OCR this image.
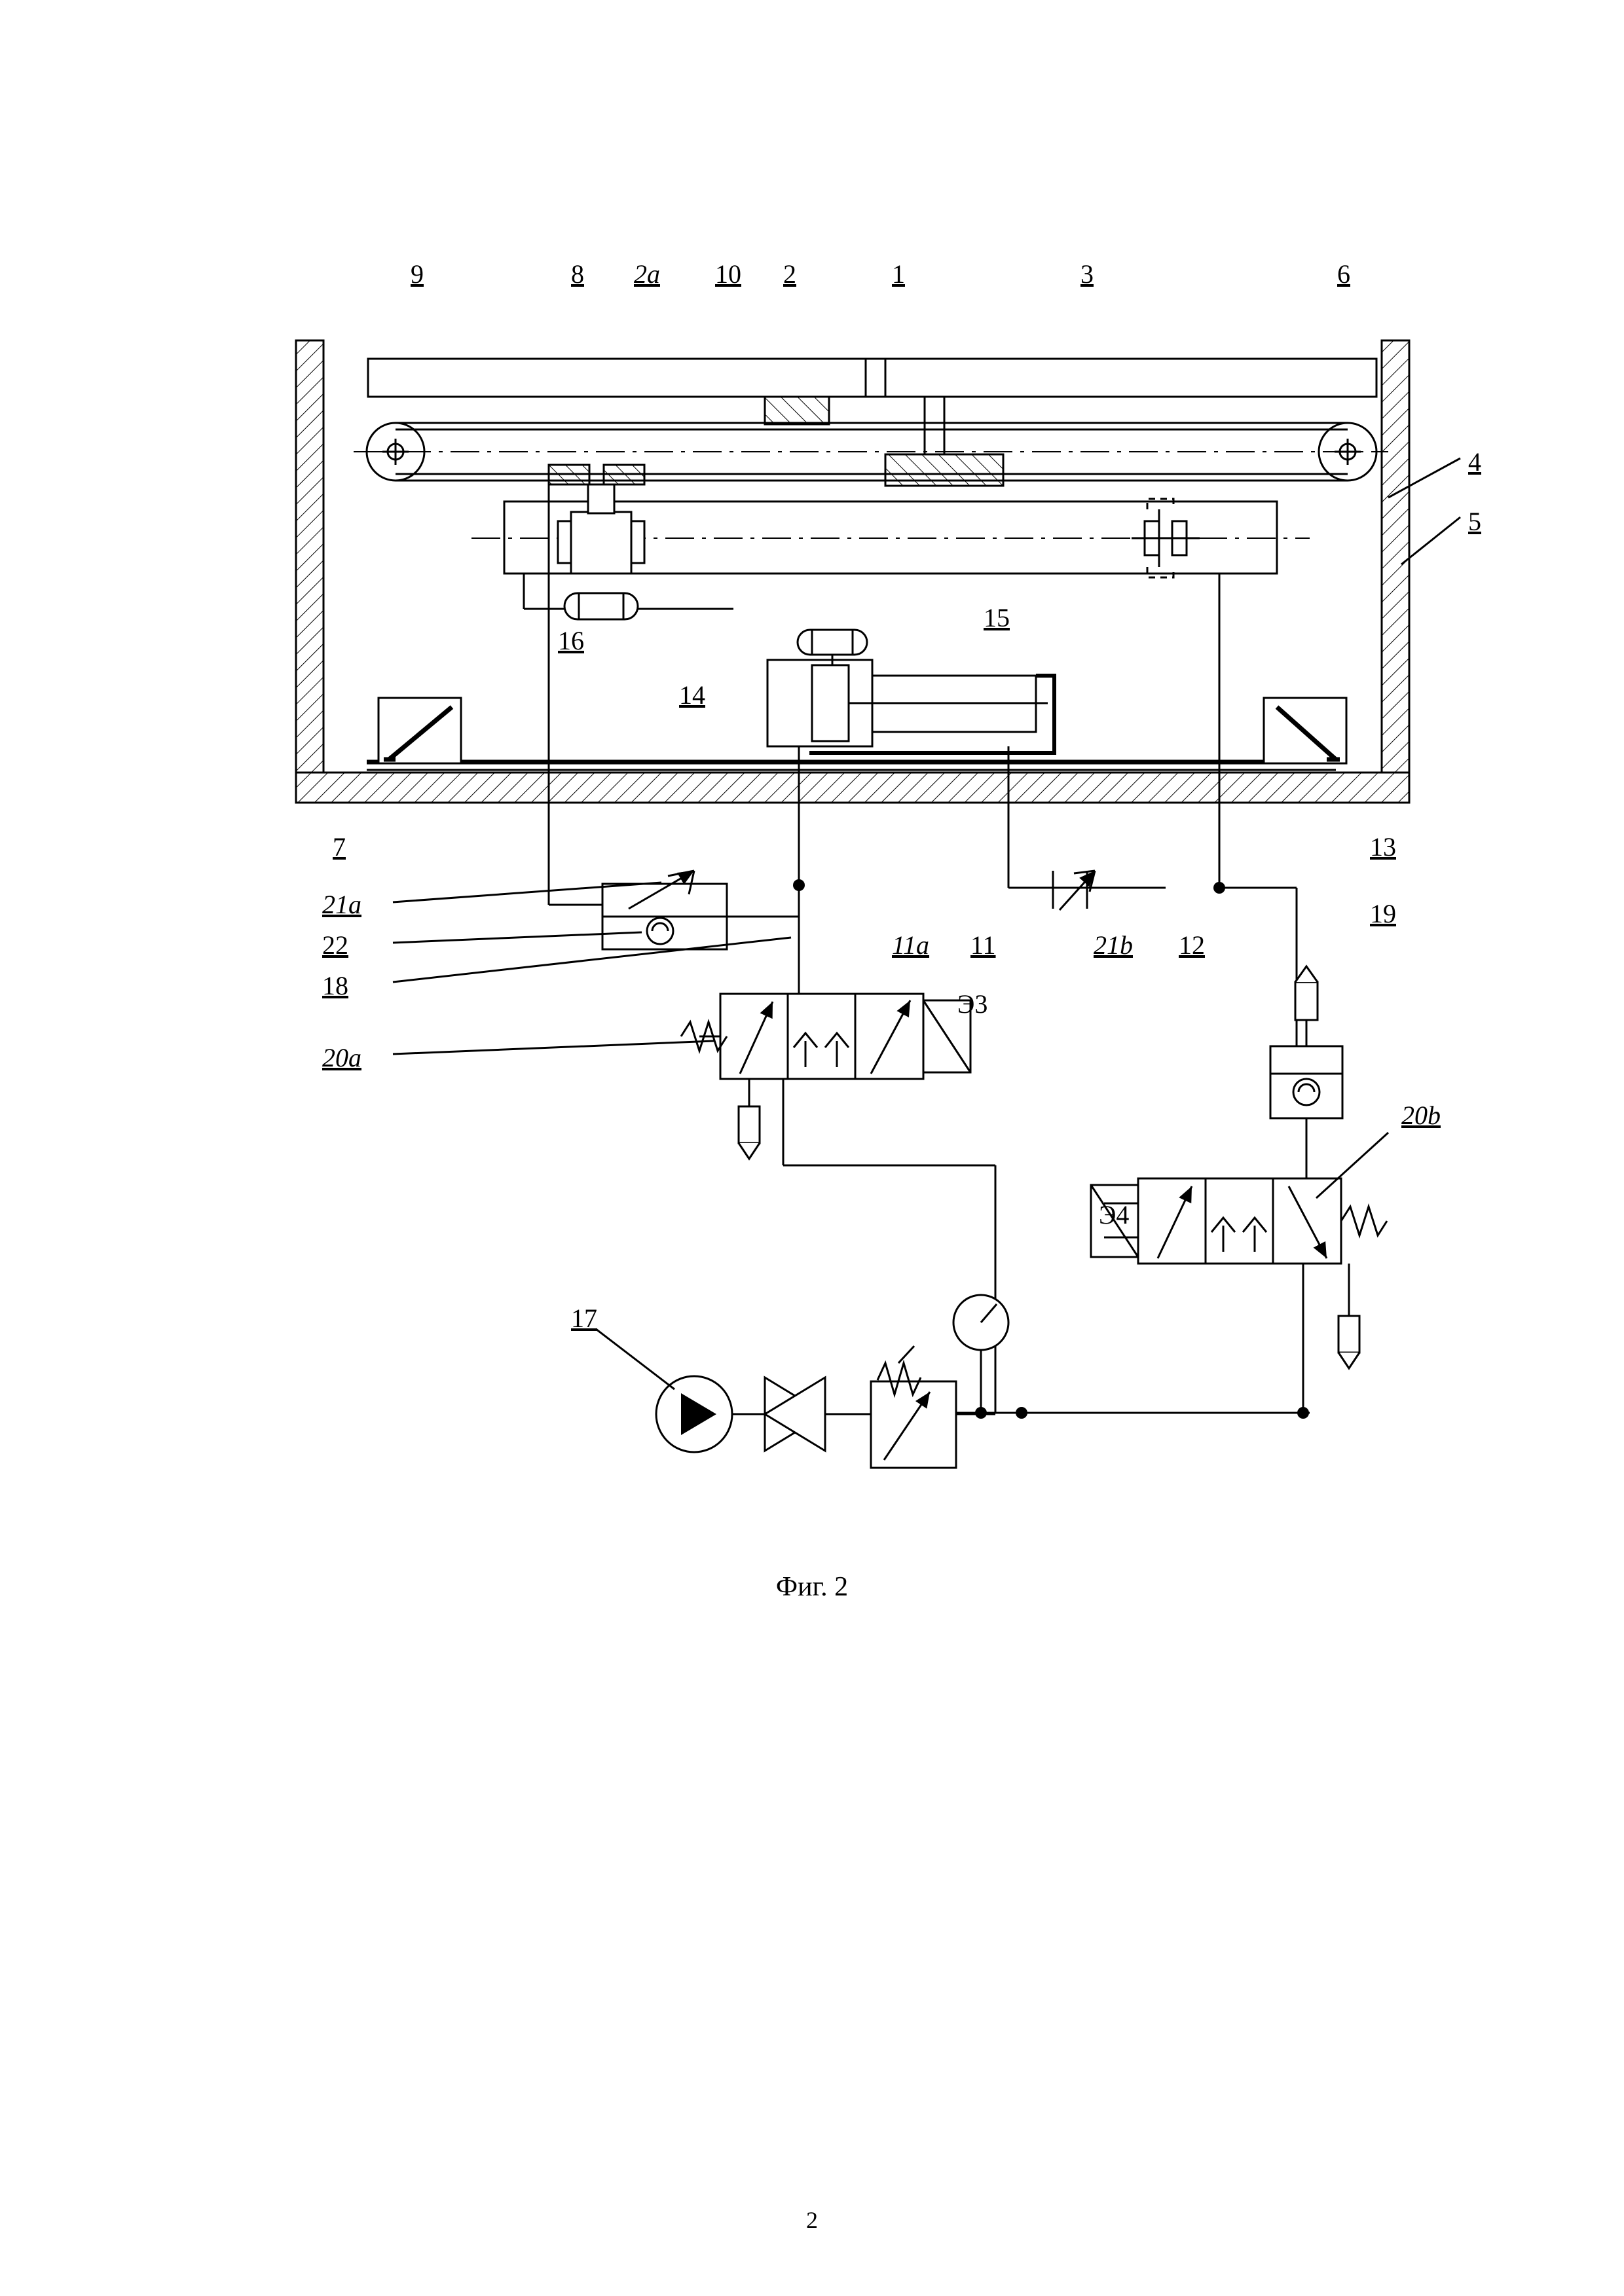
9	8 2a 10 2	1	3	6
4
5
16
15
14
7	13
21a
22
18
20a
11a 11	21b 12
19
17
20b
Э3
Э4
Фиг. 2
2
